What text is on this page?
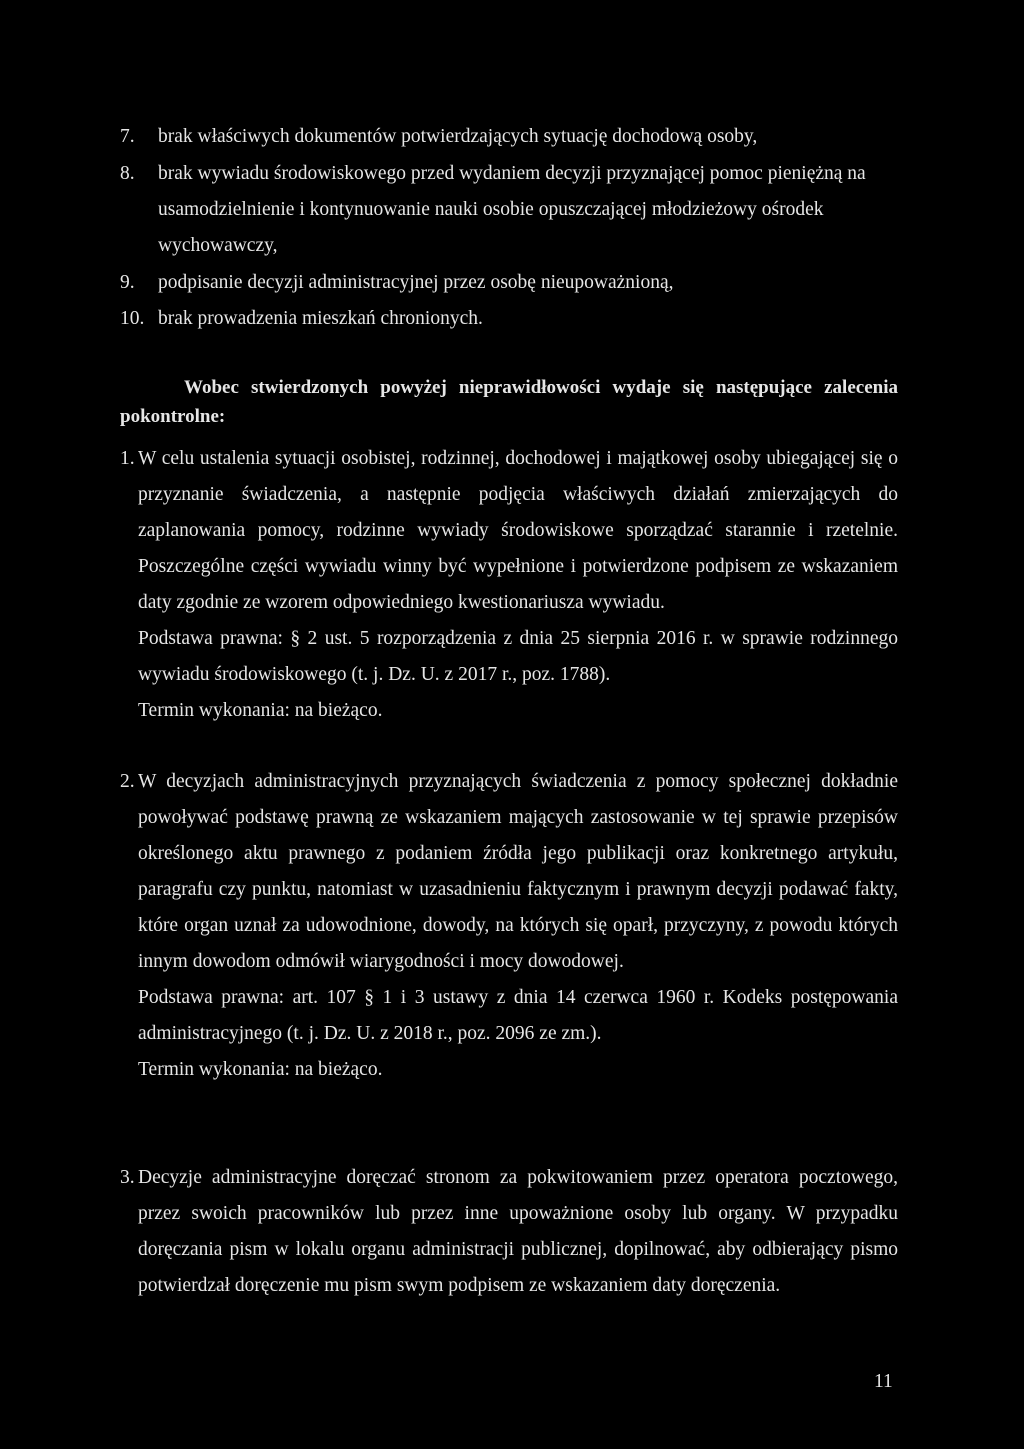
7. brak właściwych dokumentów potwierdzających sytuację dochodową osoby,
8. brak wywiadu środowiskowego przed wydaniem decyzji przyznającej pomoc pieniężną na usamodzielnienie i kontynuowanie nauki osobie opuszczającej młodzieżowy ośrodek wychowawczy,
9. podpisanie decyzji administracyjnej przez osobę nieupoważnioną,
10. brak prowadzenia mieszkań chronionych.
Wobec stwierdzonych powyżej nieprawidłowości wydaje się następujące zalecenia pokontrolne:
1. W celu ustalenia sytuacji osobistej, rodzinnej, dochodowej i majątkowej osoby ubiegającej się o przyznanie świadczenia, a następnie podjęcia właściwych działań zmierzających do zaplanowania pomocy, rodzinne wywiady środowiskowe sporządzać starannie i rzetelnie. Poszczególne części wywiadu winny być wypełnione i potwierdzone podpisem ze wskazaniem daty zgodnie ze wzorem odpowiedniego kwestionariusza wywiadu.
Podstawa prawna: § 2 ust. 5 rozporządzenia z dnia 25 sierpnia 2016 r. w sprawie rodzinnego wywiadu środowiskowego (t. j. Dz. U. z 2017 r., poz. 1788).
Termin wykonania: na bieżąco.
2. W decyzjach administracyjnych przyznających świadczenia z pomocy społecznej dokładnie powoływać podstawę prawną ze wskazaniem mających zastosowanie w tej sprawie przepisów określonego aktu prawnego z podaniem źródła jego publikacji oraz konkretnego artykułu, paragrafu czy punktu, natomiast w uzasadnieniu faktycznym i prawnym decyzji podawać fakty, które organ uznał za udowodnione, dowody, na których się oparł, przyczyny, z powodu których innym dowodom odmówił wiarygodności i mocy dowodowej.
Podstawa prawna: art. 107 § 1 i 3 ustawy z dnia 14 czerwca 1960 r. Kodeks postępowania administracyjnego (t. j. Dz. U. z 2018 r., poz. 2096 ze zm.).
Termin wykonania: na bieżąco.
3. Decyzje administracyjne doręczać stronom za pokwitowaniem przez operatora pocztowego, przez swoich pracowników lub przez inne upoważnione osoby lub organy. W przypadku doręczania pism w lokalu organu administracji publicznej, dopilnować, aby odbierający pismo potwierdzał doręczenie mu pism swym podpisem ze wskazaniem daty doręczenia.
11
